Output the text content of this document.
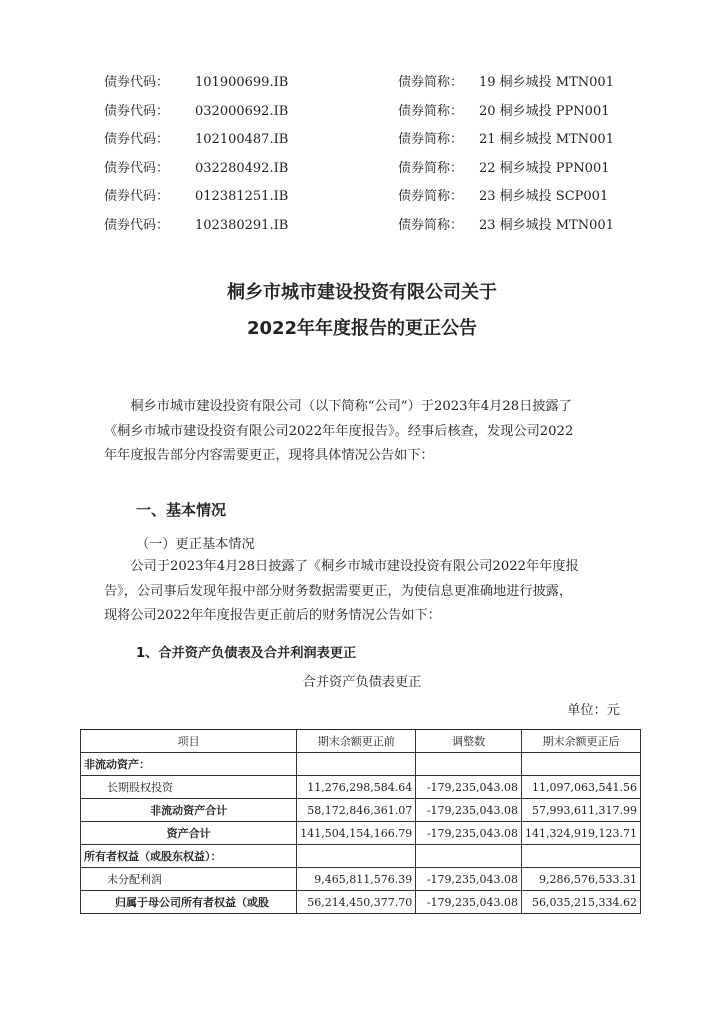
债券代码： 101900699.IB	债券简称： 19 桐乡城投 MTN001
债券代码： 032000692.IB	债券简称： 20 桐乡城投 PPN001
债券代码： 102100487.IB	债券简称： 21 桐乡城投 MTN001
债券代码： 032280492.IB	债券简称： 22 桐乡城投 PPN001
债券代码： 012381251.IB	债券简称： 23 桐乡城投 SCP001
债券代码： 102380291.IB	债券简称： 23 桐乡城投 MTN001
桐乡市城市建设投资有限公司关于
2022年年度报告的更正公告

桐乡市城市建设投资有限公司（以下简称“公司”）于2023年4月28日披露了

《桐乡市城市建设投资有限公司2022年年度报告》。经事后核查，发现公司2022

年年度报告部分内容需要更正，现将具体情况公告如下：

一、基本情况
（一）更正基本情况

公司于2023年4月28日披露了《桐乡市城市建设投资有限公司2022年年度报

告》，公司事后发现年报中部分财务数据需要更正，为使信息更准确地进行披露，

现将公司2022年年度报告更正前后的财务情况公告如下：

1、合并资产负债表及合并利润表更正
合并资产负债表更正
单位：元
项目	期末余额更正前	调整数	期末余额更正后
非流动资产：			
长期股权投资	11,276,298,584.64	-179,235,043.08	11,097,063,541.56
非流动资产合计	58,172,846,361.07	-179,235,043.08	57,993,611,317.99
资产合计	141,504,154,166.79	-179,235,043.08	141,324,919,123.71
所有者权益（或股东权益）：			
未分配利润	9,465,811,576.39	-179,235,043.08	9,286,576,533.31
归属于母公司所有者权益（或股	56,214,450,377.70	-179,235,043.08	56,035,215,334.62
